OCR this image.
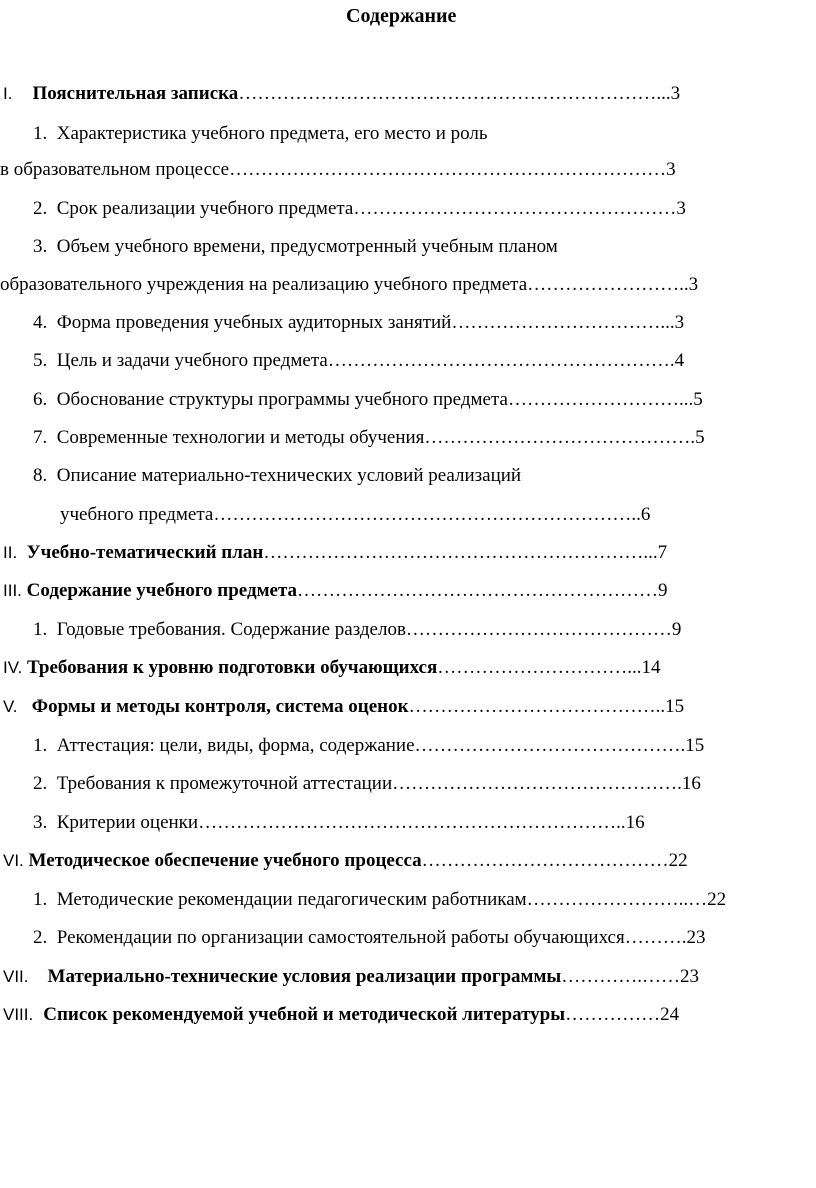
Содержание
I. Пояснительная записка…………………………………………………………...3
1. Характеристика учебного предмета, его место и роль
в образовательном процессе……………………………………………………………3
2. Срок реализации учебного предмета……………………………………………3
3. Объем учебного времени, предусмотренный учебным планом
образовательного учреждения на реализацию учебного предмета……………………..3
4. Форма проведения учебных аудиторных занятий……………………………...3
5. Цель и задачи учебного предмета……………………………………………….4
6. Обоснование структуры программы учебного предмета………………………...5
7. Современные технологии и методы обучения…………………………………….5
8. Описание материально-технических условий реализаций
учебного предмета…………………………………………………………..6
II. Учебно-тематический план……………………………………………………...7
III. Содержание учебного предмета…………………………………………………9
1. Годовые требования. Содержание разделов……………………………………9
IV. Требования к уровню подготовки обучающихся…………………………...14
V. Формы и методы контроля, система оценок…………………………………..15
1. Аттестация: цели, виды, форма, содержание…………………………………….15
2. Требования к промежуточной аттестации……………………………………….16
3. Критерии оценки…………………………………………………………..16
VI. Методическое обеспечение учебного процесса…………………………………22
1. Методические рекомендации педагогическим работникам……………………..…22
2. Рекомендации по организации самостоятельной работы обучающихся……….23
VII. Материально-технические условия реализации программы………….……23
VIII. Список рекомендуемой учебной и методической литературы……………24
